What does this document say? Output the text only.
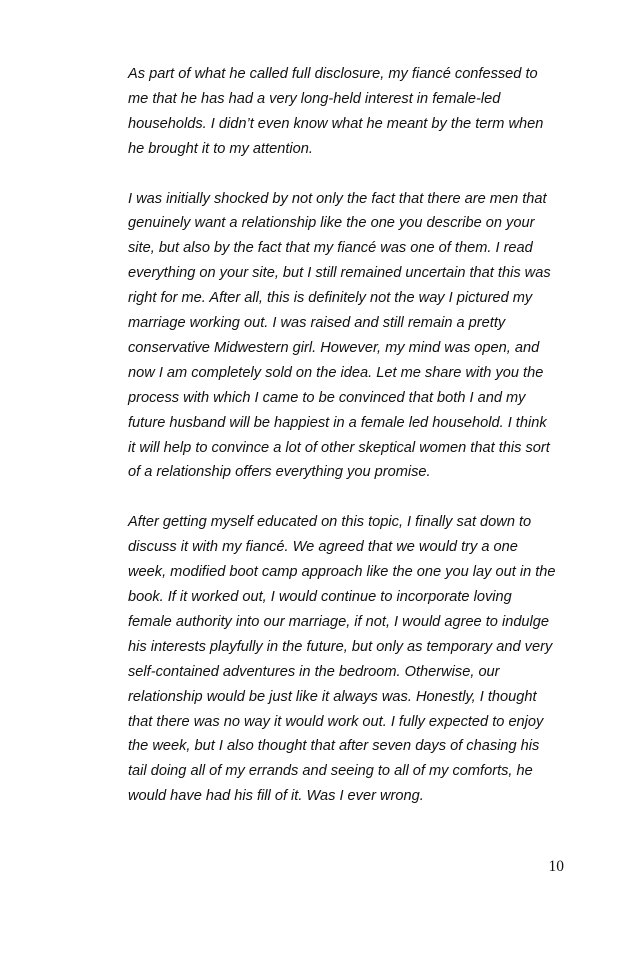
As part of what he called full disclosure, my fiancé confessed to
me that he has had a very long-held interest in female-led
households. I didn’t even know what he meant by the term when
he brought it to my attention.
I was initially shocked by not only the fact that there are men that
genuinely want a relationship like the one you describe on your
site, but also by the fact that my fiancé was one of them. I read
everything on your site, but I still remained uncertain that this was
right for me. After all, this is definitely not the way I pictured my
marriage working out. I was raised and still remain a pretty
conservative Midwestern girl. However, my mind was open, and
now I am completely sold on the idea. Let me share with you the
process with which I came to be convinced that both I and my
future husband will be happiest in a female led household. I think
it will help to convince a lot of other skeptical women that this sort
of a relationship offers everything you promise.
After getting myself educated on this topic, I finally sat down to
discuss it with my fiancé. We agreed that we would try a one
week, modified boot camp approach like the one you lay out in the
book. If it worked out, I would continue to incorporate loving
female authority into our marriage, if not, I would agree to indulge
his interests playfully in the future, but only as temporary and very
self-contained adventures in the bedroom. Otherwise, our
relationship would be just like it always was. Honestly, I thought
that there was no way it would work out. I fully expected to enjoy
the week, but I also thought that after seven days of chasing his
tail doing all of my errands and seeing to all of my comforts, he
would have had his fill of it. Was I ever wrong.
10
